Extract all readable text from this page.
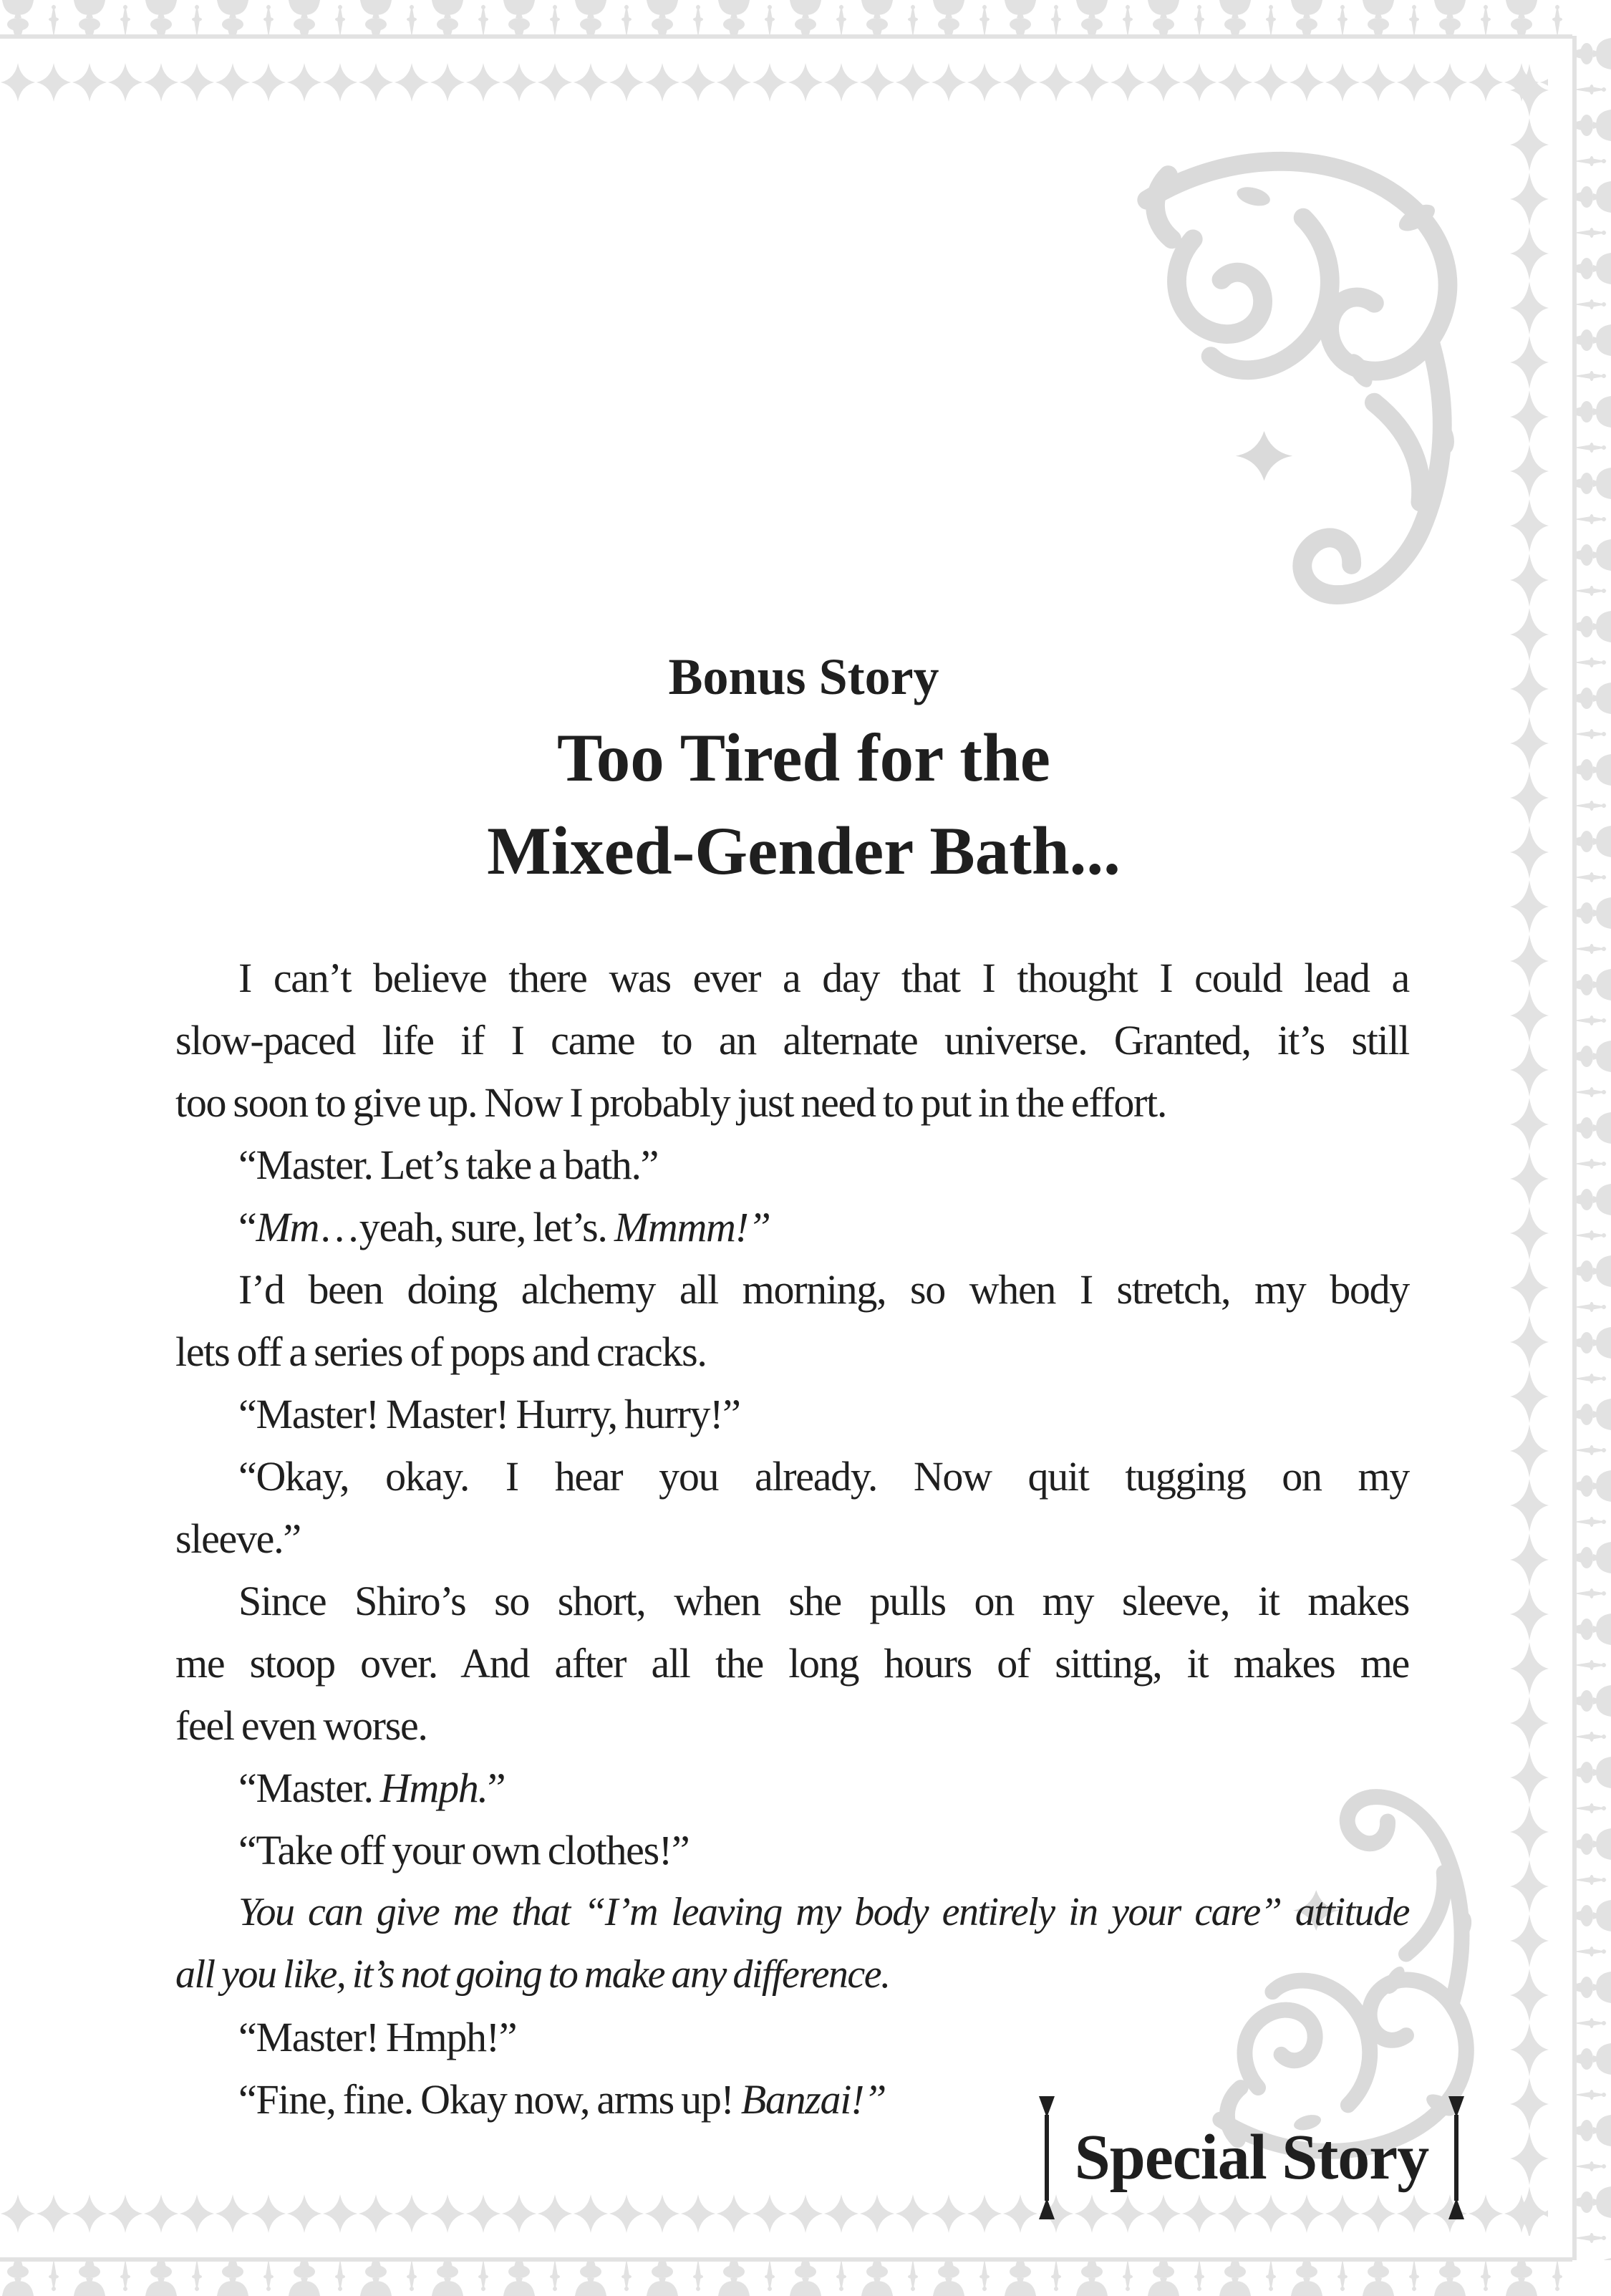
Bonus Story
Too Tired for the
Mixed-Gender Bath...
I can’t believe there was ever a day that I thought I could lead a
slow-paced life if I came to an alternate universe. Granted, it’s still
too soon to give up. Now I probably just need to put in the effort.
“Master. Let’s take a bath.”
“Mm…yeah, sure, let’s. Mmmm!”
I’d been doing alchemy all morning, so when I stretch, my body
lets off a series of pops and cracks.
“Master! Master! Hurry, hurry!”
“Okay, okay. I hear you already. Now quit tugging on my
sleeve.”
Since Shiro’s so short, when she pulls on my sleeve, it makes
me stoop over. And after all the long hours of sitting, it makes me
feel even worse.
“Master. Hmph.”
“Take off your own clothes!”
You can give me that “I’m leaving my body entirely in your care” attitude
all you like, it’s not going to make any difference.
“Master! Hmph!”
“Fine, fine. Okay now, arms up! Banzai!”
Special Story
